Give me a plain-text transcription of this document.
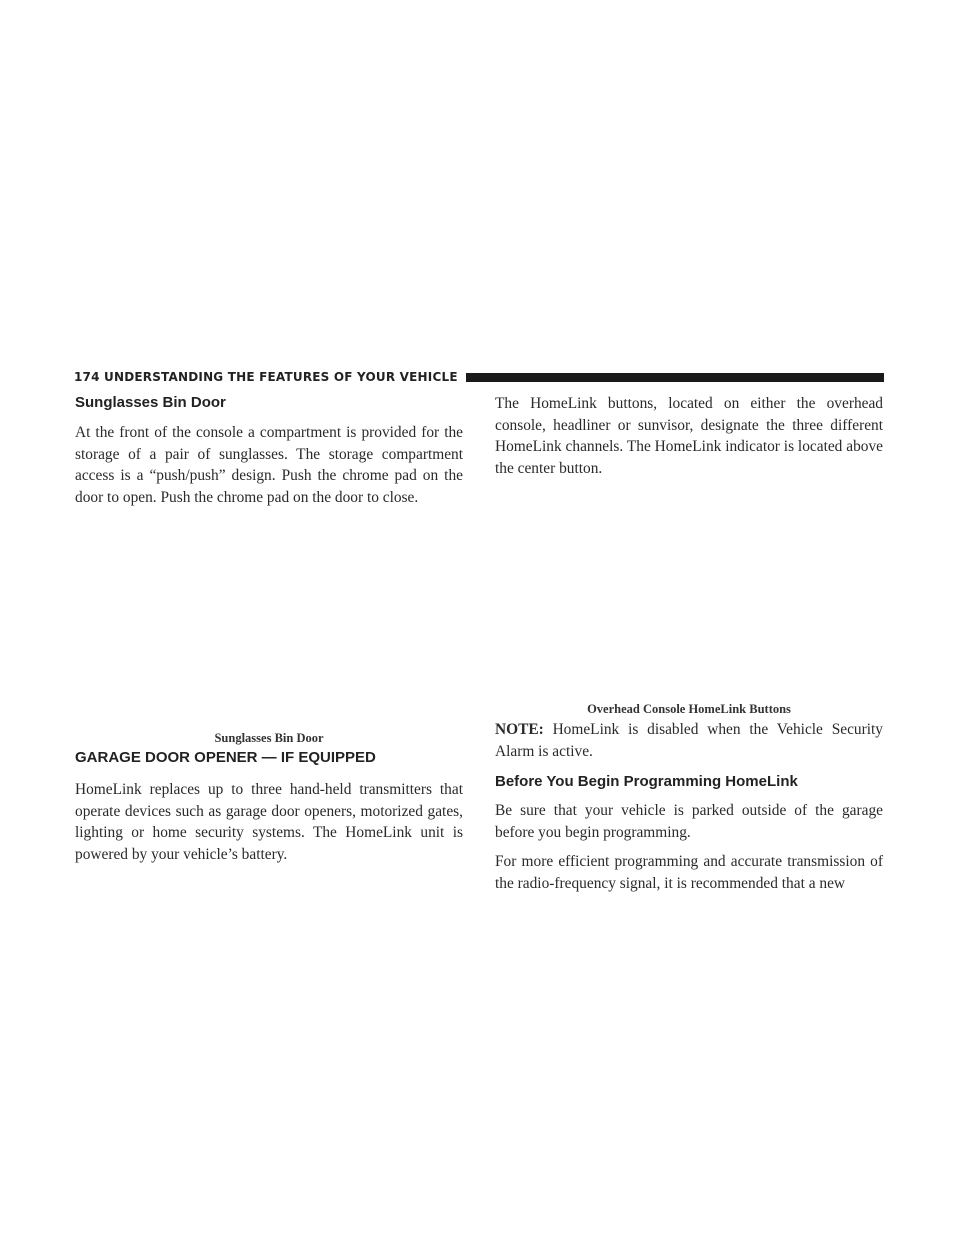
174 UNDERSTANDING THE FEATURES OF YOUR VEHICLE
Sunglasses Bin Door

At the front of the console a compartment is provided for the storage of a pair of sunglasses. The storage compartment access is a “push/push” design. Push the chrome pad on the door to open. Push the chrome pad on the door to close.

Sunglasses Bin Door
GARAGE DOOR OPENER — IF EQUIPPED

HomeLink replaces up to three hand-held transmitters that operate devices such as garage door openers, motorized gates, lighting or home security systems. The HomeLink unit is powered by your vehicle’s battery.

The HomeLink buttons, located on either the overhead console, headliner or sunvisor, designate the three different HomeLink channels. The HomeLink indicator is located above the center button.

Overhead Console HomeLink Buttons

NOTE: HomeLink is disabled when the Vehicle Security Alarm is active.

Before You Begin Programming HomeLink

Be sure that your vehicle is parked outside of the garage before you begin programming.

For more efficient programming and accurate transmission of the radio-frequency signal, it is recommended that a new
